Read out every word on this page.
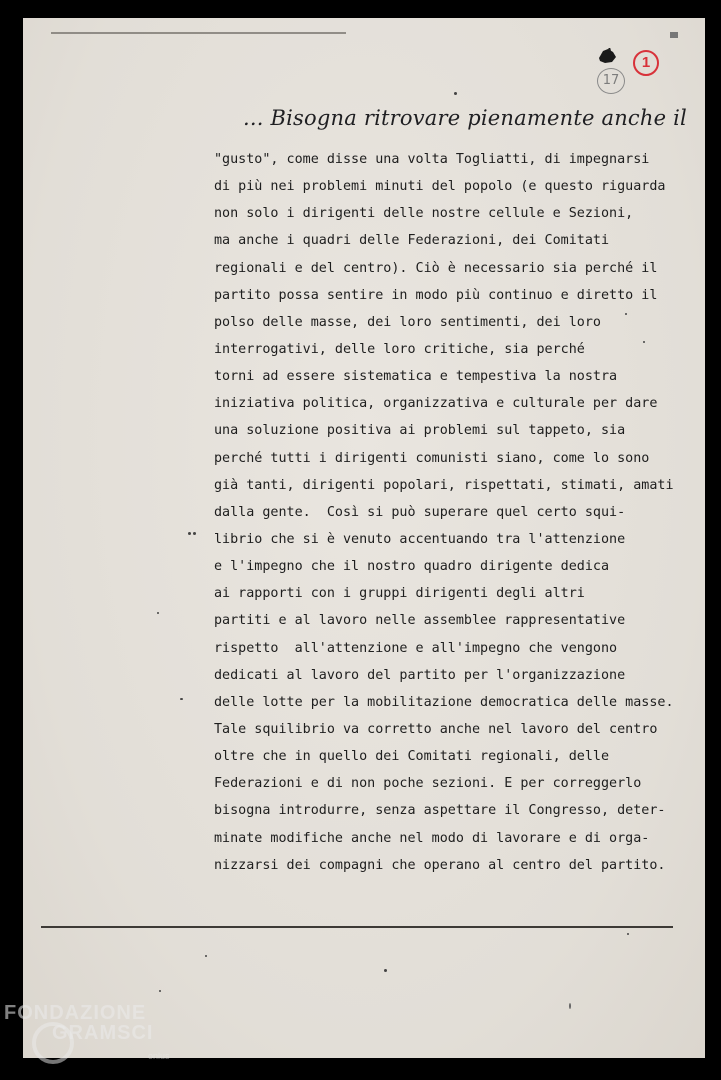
1
17
... Bisogna ritrovare pienamente anche il
"gusto", come disse una volta Togliatti, di impegnarsi
di più nei problemi minuti del popolo (e questo riguarda
non solo i dirigenti delle nostre cellule e Sezioni,
ma anche i quadri delle Federazioni, dei Comitati
regionali e del centro). Ciò è necessario sia perché il
partito possa sentire in modo più continuo e diretto il
polso delle masse, dei loro sentimenti, dei loro
interrogativi, delle loro critiche, sia perché
torni ad essere sistematica e tempestiva la nostra
iniziativa politica, organizzativa e culturale per dare
una soluzione positiva ai problemi sul tappeto, sia
perché tutti i dirigenti comunisti siano, come lo sono
già tanti, dirigenti popolari, rispettati, stimati, amati
dalla gente.  Così si può superare quel certo squi-
librio che si è venuto accentuando tra l'attenzione
e l'impegno che il nostro quadro dirigente dedica
ai rapporti con i gruppi dirigenti degli altri
partiti e al lavoro nelle assemblee rappresentative
rispetto  all'attenzione e all'impegno che vengono
dedicati al lavoro del partito per l'organizzazione
delle lotte per la mobilitazione democratica delle masse.
Tale squilibrio va corretto anche nel lavoro del centro
oltre che in quello dei Comitati regionali, delle
Federazioni e di non poche sezioni. E per correggerlo
bisogna introdurre, senza aspettare il Congresso, deter-
minate modifiche anche nel modo di lavorare e di orga-
nizzarsi dei compagni che operano al centro del partito.
FONDAZIONE
GRAMSCI
onlus
